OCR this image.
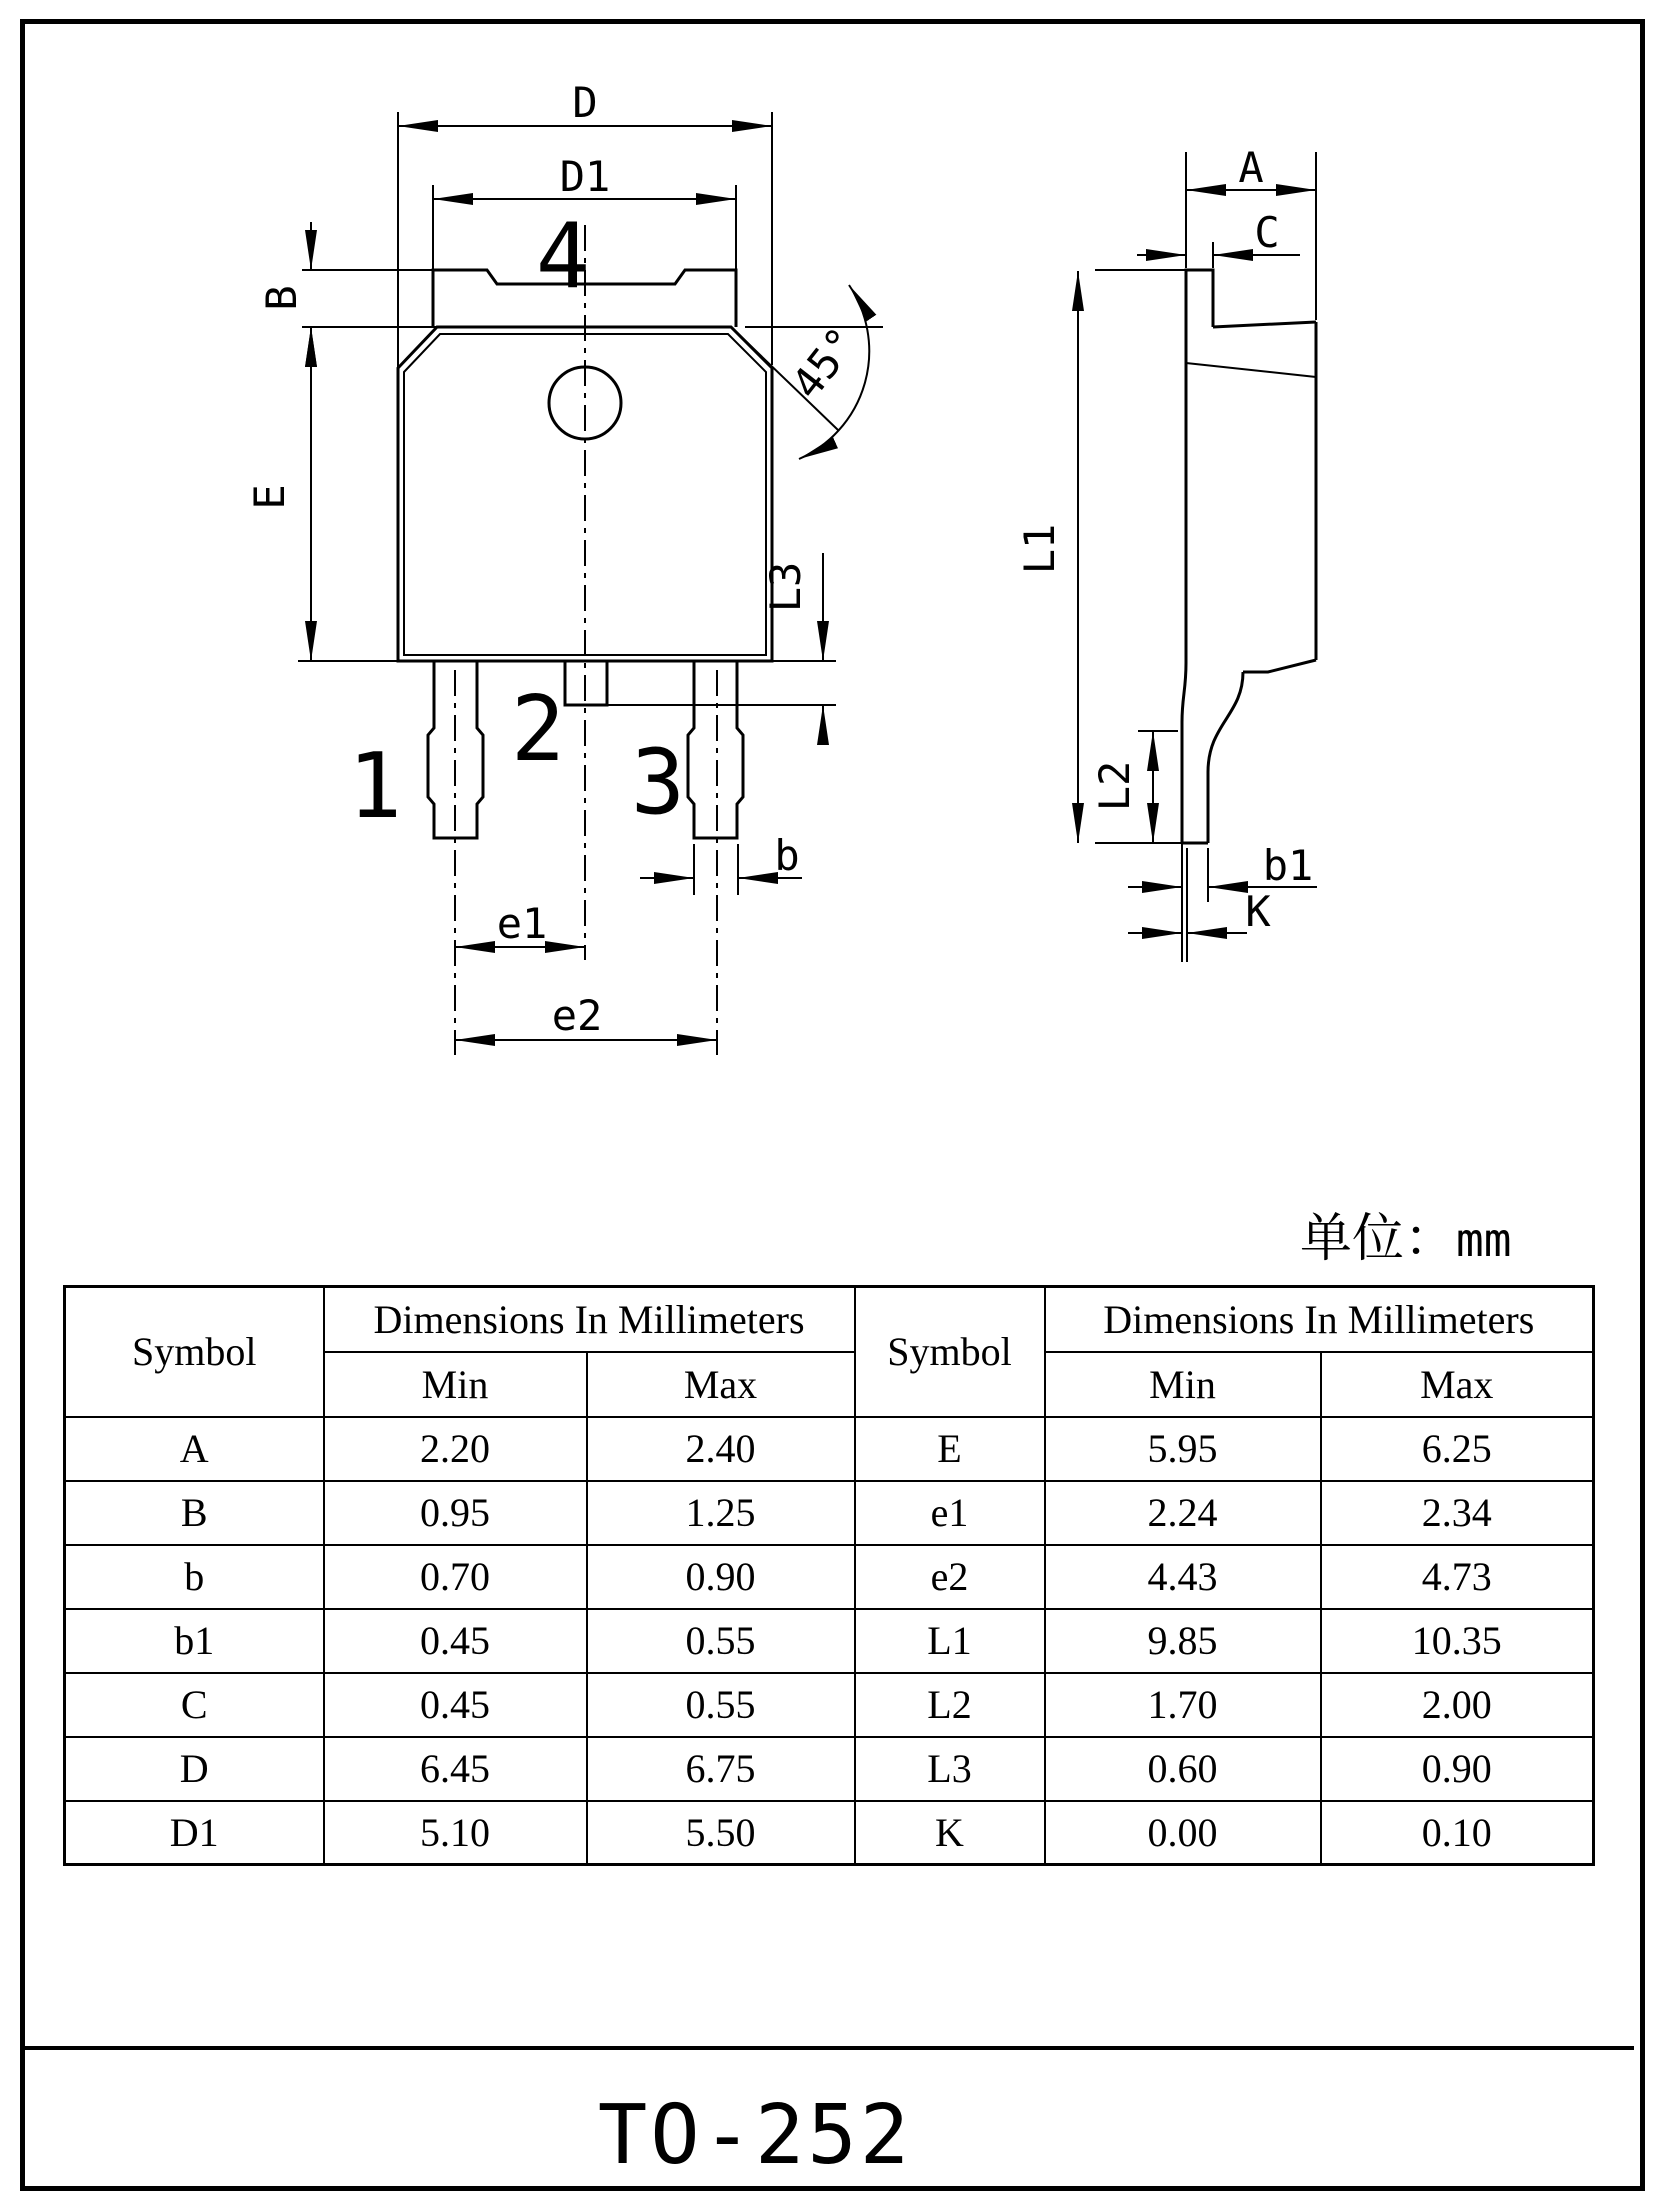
D
D1
B
E
L3
b
e1
e2
45°
1
2
3
4
A
C
L1
L2
b1
K
单位：mm
Symbol	Dimensions In Millimeters		Symbol	Dimensions In Millimeters	
	Min	Max		Min	Max
A	2.20	2.40	E	5.95	6.25
B	0.95	1.25	e1	2.24	2.34
b	0.70	0.90	e2	4.43	4.73
b1	0.45	0.55	L1	9.85	10.35
C	0.45	0.55	L2	1.70	2.00
D	6.45	6.75	L3	0.60	0.90
D1	5.10	5.50	K	0.00	0.10
TO-252
